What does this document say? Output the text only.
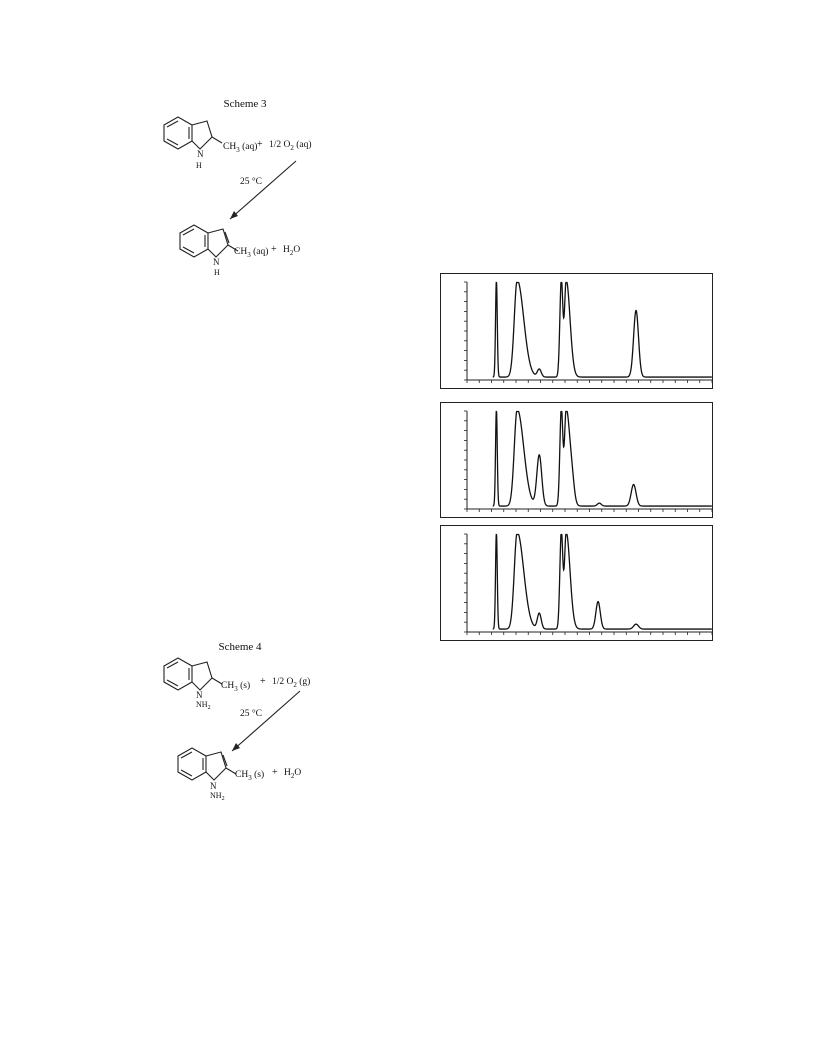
Scheme 3
N
H
$CH_3$ (aq) + 1/2 $O_2$ (aq)
25 °C
N
H
$CH_3$ $(aq) + H_2O$
Scheme 4
N
$NH_2$
$CH_3$ (s) + 1/2 $O_2$ (g)
25 °C
N
$NH_2$
$CH_3$ $(s) + H_2O$
